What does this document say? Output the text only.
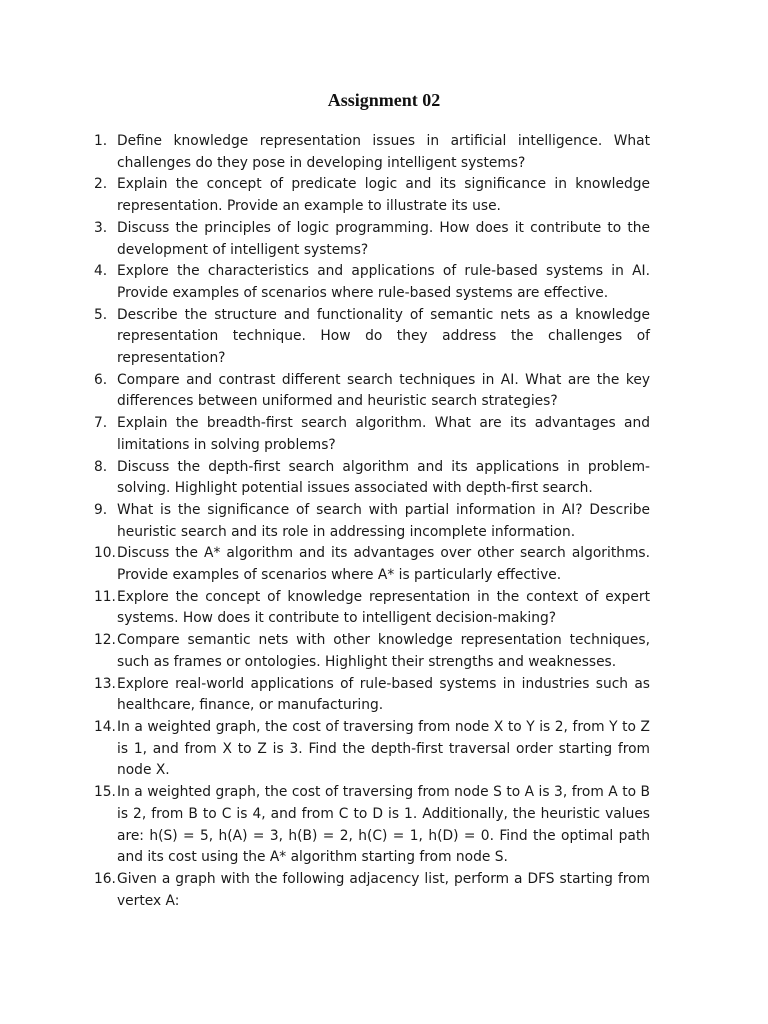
Assignment 02
1. Define knowledge representation issues in artificial intelligence. What challenges do they pose in developing intelligent systems?
2. Explain the concept of predicate logic and its significance in knowledge representation. Provide an example to illustrate its use.
3. Discuss the principles of logic programming. How does it contribute to the development of intelligent systems?
4. Explore the characteristics and applications of rule-based systems in AI. Provide examples of scenarios where rule-based systems are effective.
5. Describe the structure and functionality of semantic nets as a knowledge representation technique. How do they address the challenges of representation?
6. Compare and contrast different search techniques in AI. What are the key differences between uniformed and heuristic search strategies?
7. Explain the breadth-first search algorithm. What are its advantages and limitations in solving problems?
8. Discuss the depth-first search algorithm and its applications in problem-solving. Highlight potential issues associated with depth-first search.
9. What is the significance of search with partial information in AI? Describe heuristic search and its role in addressing incomplete information.
10. Discuss the A* algorithm and its advantages over other search algorithms. Provide examples of scenarios where A* is particularly effective.
11. Explore the concept of knowledge representation in the context of expert systems. How does it contribute to intelligent decision-making?
12. Compare semantic nets with other knowledge representation techniques, such as frames or ontologies. Highlight their strengths and weaknesses.
13. Explore real-world applications of rule-based systems in industries such as healthcare, finance, or manufacturing.
14. In a weighted graph, the cost of traversing from node X to Y is 2, from Y to Z is 1, and from X to Z is 3. Find the depth-first traversal order starting from node X.
15. In a weighted graph, the cost of traversing from node S to A is 3, from A to B is 2, from B to C is 4, and from C to D is 1. Additionally, the heuristic values are: h(S) = 5, h(A) = 3, h(B) = 2, h(C) = 1, h(D) = 0. Find the optimal path and its cost using the A* algorithm starting from node S.
16. Given a graph with the following adjacency list, perform a DFS starting from vertex A:
